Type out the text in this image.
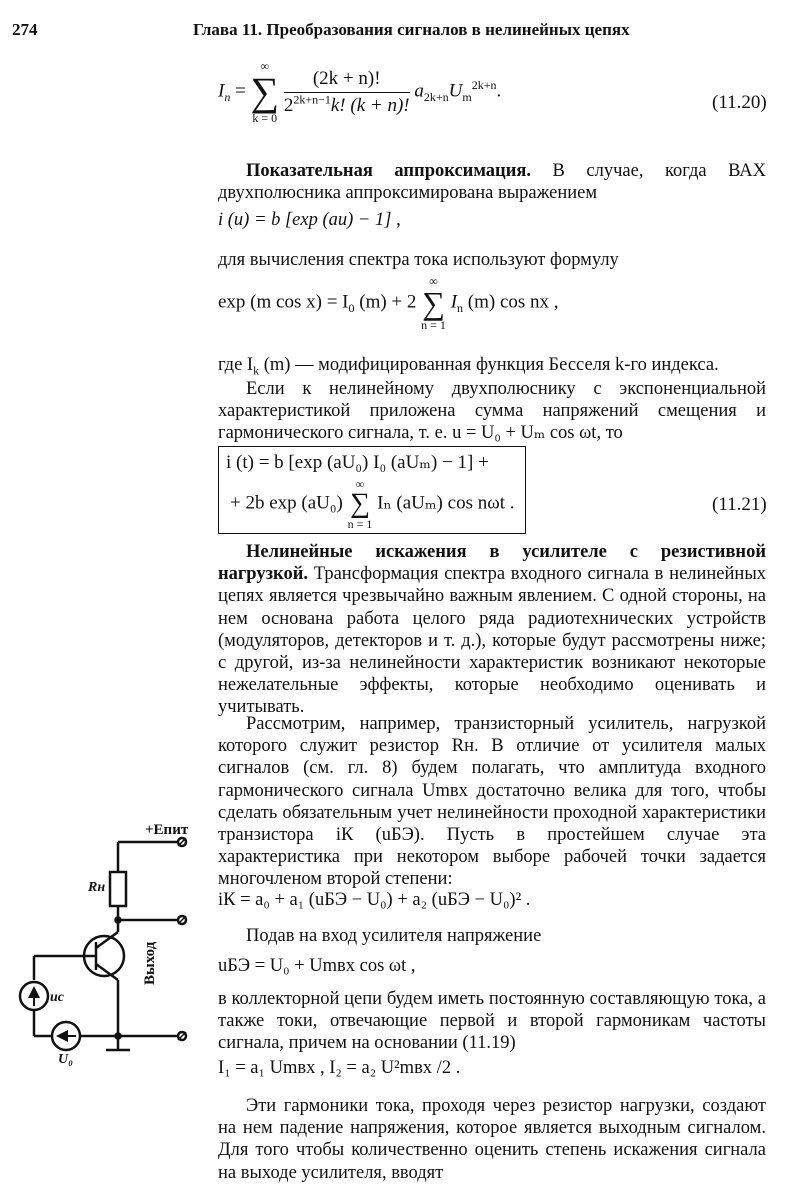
274	Глава 11. Преобразования сигналов в нелинейных цепях
$I_n$ =
∞
∑
k = 0

$\frac{(2k + n)!}{2^{2k+n-1}k! (k + n)!} a_{2k+n}U_m^{2k+n}$.
(11.20)
Показательная аппроксимация. В случае, когда ВАХ двухполюсника аппроксимирована выражением
i (u) = b [exp (au) − 1] ,
для вычисления спектра тока используют формулу
exp (m $\cos x) = I_0$ (m) + 2
∞
∑
n = 1
$I_n$ (m) cos nx ,
где $I_k$ (m) — модифицированная функция Бесселя k-го индекса.
Если к нелинейному двухполюснику с экспоненциальной характеристикой приложена сумма напряжений смещения и гармонического сигнала, т. е. u = U₀ + Uₘ cos ωt, то
i (t) = b [exp (aU₀) I₀ (aUₘ) − 1] +
+ 2b exp (aU₀)
∞
∑
n = 1
Iₙ (aUₘ) cos nωt .	(11.21)
Нелинейные искажения в усилителе с резистивной нагрузкой. Трансформация спектра входного сигнала в нелинейных цепях является чрезвычайно важным явлением. С одной стороны, на нем основана работа целого ряда радиотехнических устройств (модуляторов, детекторов и т. д.), которые будут рассмотрены ниже; с другой, из-за нелинейности характеристик возникают некоторые нежелательные эффекты, которые необходимо оценивать и учитывать.
Рассмотрим, например, транзисторный усилитель, нагрузкой которого служит резистор Rн. В отличие от усилителя малых сигналов (см. гл. 8) будем полагать, что амплитуда входного гармонического сигнала Umвх достаточно велика для того, чтобы сделать обязательным учет нелинейности проходной характеристики транзистора iК (uБЭ). Пусть в простейшем случае эта характеристика при некотором выборе рабочей точки задается многочленом второй степени:
iК = a₀ + a₁ (uБЭ − U₀) + a₂ (uБЭ − U₀)² .
Подав на вход усилителя напряжение
uБЭ = U₀ + Umвх cos ωt ,
в коллекторной цепи будем иметь постоянную составляющую тока, а также токи, отвечающие первой и второй гармоникам частоты сигнала, причем на основании (11.19)
I₁ = a₁ Umвх , I₂ = a₂ U²mвх /2 .
Эти гармоники тока, проходя через резистор нагрузки, создают на нем падение напряжения, которое является выходным сигналом. Для того чтобы количественно оценить степень искажения сигнала на выходе усилителя, вводят
+Eпит
Rн
uс
U₀
Выход
